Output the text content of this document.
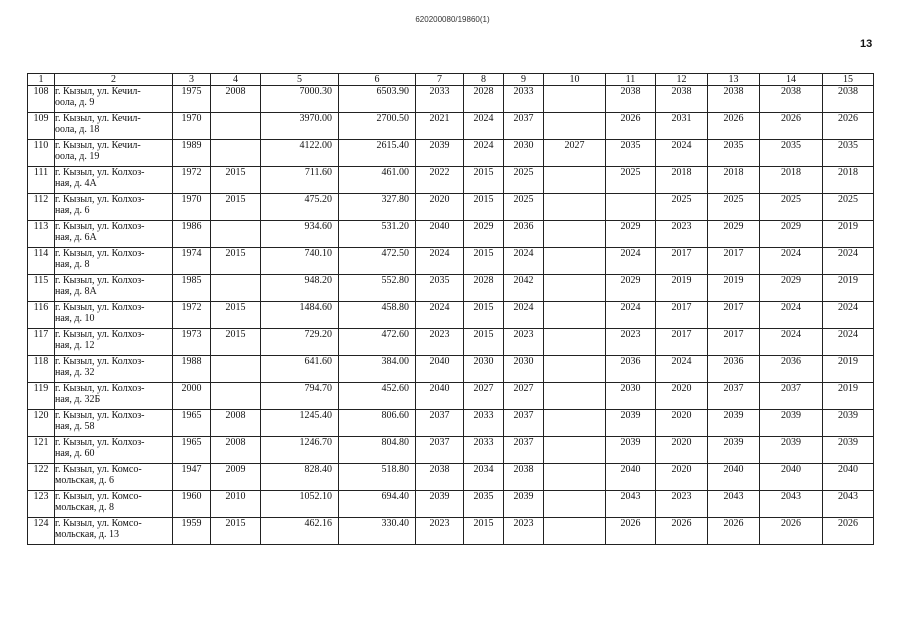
620200080/19860(1)
13
1	2	3	4	5	6	7	8	9	10	11	12	13	14	15
108	г. Кызыл, ул. Кечил-
оола, д. 9	1975	2008	7000.30	6503.90	2033	2028	2033		2038	2038	2038	2038	2038
109	г. Кызыл, ул. Кечил-
оола, д. 18	1970		3970.00	2700.50	2021	2024	2037		2026	2031	2026	2026	2026
110	г. Кызыл, ул. Кечил-
оола, д. 19	1989		4122.00	2615.40	2039	2024	2030	2027	2035	2024	2035	2035	2035
111	г. Кызыл, ул. Колхоз-
ная, д. 4А	1972	2015	711.60	461.00	2022	2015	2025		2025	2018	2018	2018	2018
112	г. Кызыл, ул. Колхоз-
ная, д. 6	1970	2015	475.20	327.80	2020	2015	2025			2025	2025	2025	2025
113	г. Кызыл, ул. Колхоз-
ная, д. 6А	1986		934.60	531.20	2040	2029	2036		2029	2023	2029	2029	2019
114	г. Кызыл, ул. Колхоз-
ная, д. 8	1974	2015	740.10	472.50	2024	2015	2024		2024	2017	2017	2024	2024
115	г. Кызыл, ул. Колхоз-
ная, д. 8А	1985		948.20	552.80	2035	2028	2042		2029	2019	2019	2029	2019
116	г. Кызыл, ул. Колхоз-
ная, д. 10	1972	2015	1484.60	458.80	2024	2015	2024		2024	2017	2017	2024	2024
117	г. Кызыл, ул. Колхоз-
ная, д. 12	1973	2015	729.20	472.60	2023	2015	2023		2023	2017	2017	2024	2024
118	г. Кызыл, ул. Колхоз-
ная, д. 32	1988		641.60	384.00	2040	2030	2030		2036	2024	2036	2036	2019
119	г. Кызыл, ул. Колхоз-
ная, д. 32Б	2000		794.70	452.60	2040	2027	2027		2030	2020	2037	2037	2019
120	г. Кызыл, ул. Колхоз-
ная, д. 58	1965	2008	1245.40	806.60	2037	2033	2037		2039	2020	2039	2039	2039
121	г. Кызыл, ул. Колхоз-
ная, д. 60	1965	2008	1246.70	804.80	2037	2033	2037		2039	2020	2039	2039	2039
122	г. Кызыл, ул. Комсо-
мольская, д. 6	1947	2009	828.40	518.80	2038	2034	2038		2040	2020	2040	2040	2040
123	г. Кызыл, ул. Комсо-
мольская, д. 8	1960	2010	1052.10	694.40	2039	2035	2039		2043	2023	2043	2043	2043
124	г. Кызыл, ул. Комсо-
мольская, д. 13	1959	2015	462.16	330.40	2023	2015	2023		2026	2026	2026	2026	2026
